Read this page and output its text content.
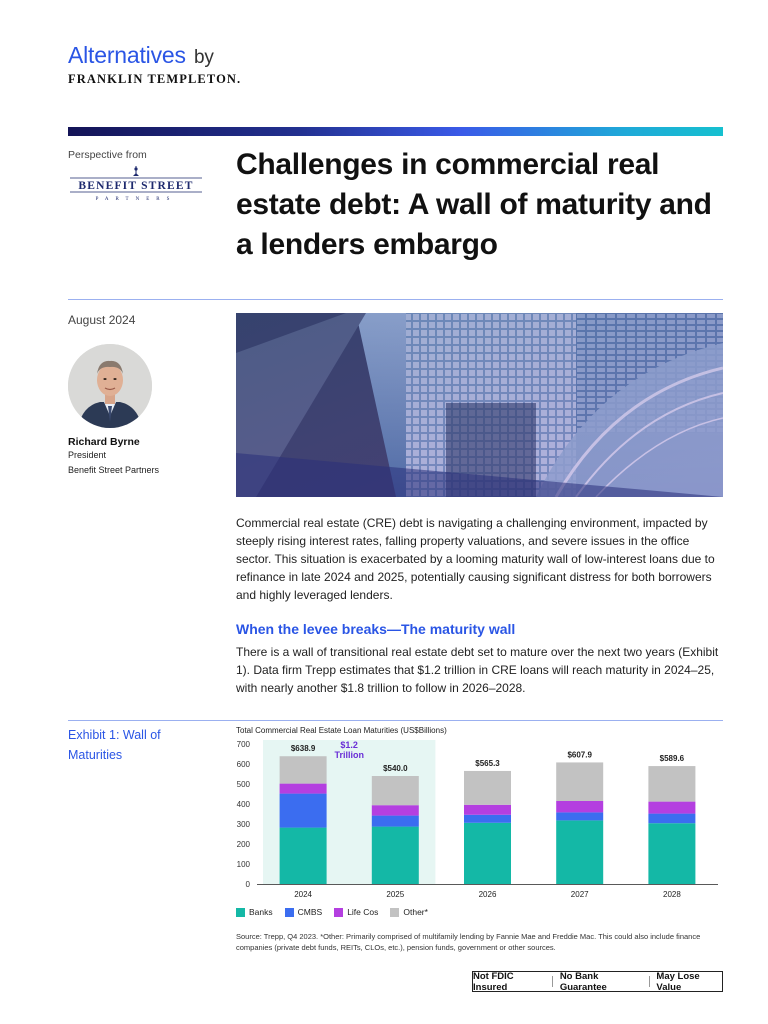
Alternatives by
FRANKLIN TEMPLETON.
Perspective from
BENEFIT STREET
PARTNERS
Challenges in commercial real estate debt: A wall of maturity and a lenders embargo
August 2024
Richard Byrne
President
Benefit Street Partners
Commercial real estate (CRE) debt is navigating a challenging environment, impacted by steeply rising interest rates, falling property valuations, and severe issues in the office sector. This situation is exacerbated by a looming maturity wall of low-interest loans due to refinance in late 2024 and 2025, potentially causing significant distress for both borrowers and highly leveraged lenders.
When the levee breaks—The maturity wall
There is a wall of transitional real estate debt set to mature over the next two years (Exhibit 1). Data firm Trepp estimates that $1.2 trillion in CRE loans will reach maturity in 2024–25, with nearly another $1.8 trillion to follow in 2026–2028.
Exhibit 1: Wall of Maturities
Total Commercial Real Estate Loan Maturities (US$Billions)
0
100
200
300
400
500
600
700	$638.9
2024
$540.0
2025
$565.3
2026
$607.9
2027
$589.6
2028
$1.2
Trillion
Banks	CMBS	Life Cos	Other*
Source: Trepp, Q4 2023. *Other: Primarily comprised of multifamily lending by Fannie Mae and Freddie Mac. This could also include finance companies (private debt funds, REITs, CLOs, etc.), pension funds, government or other sources.
Not FDIC Insured
No Bank Guarantee
May Lose Value
